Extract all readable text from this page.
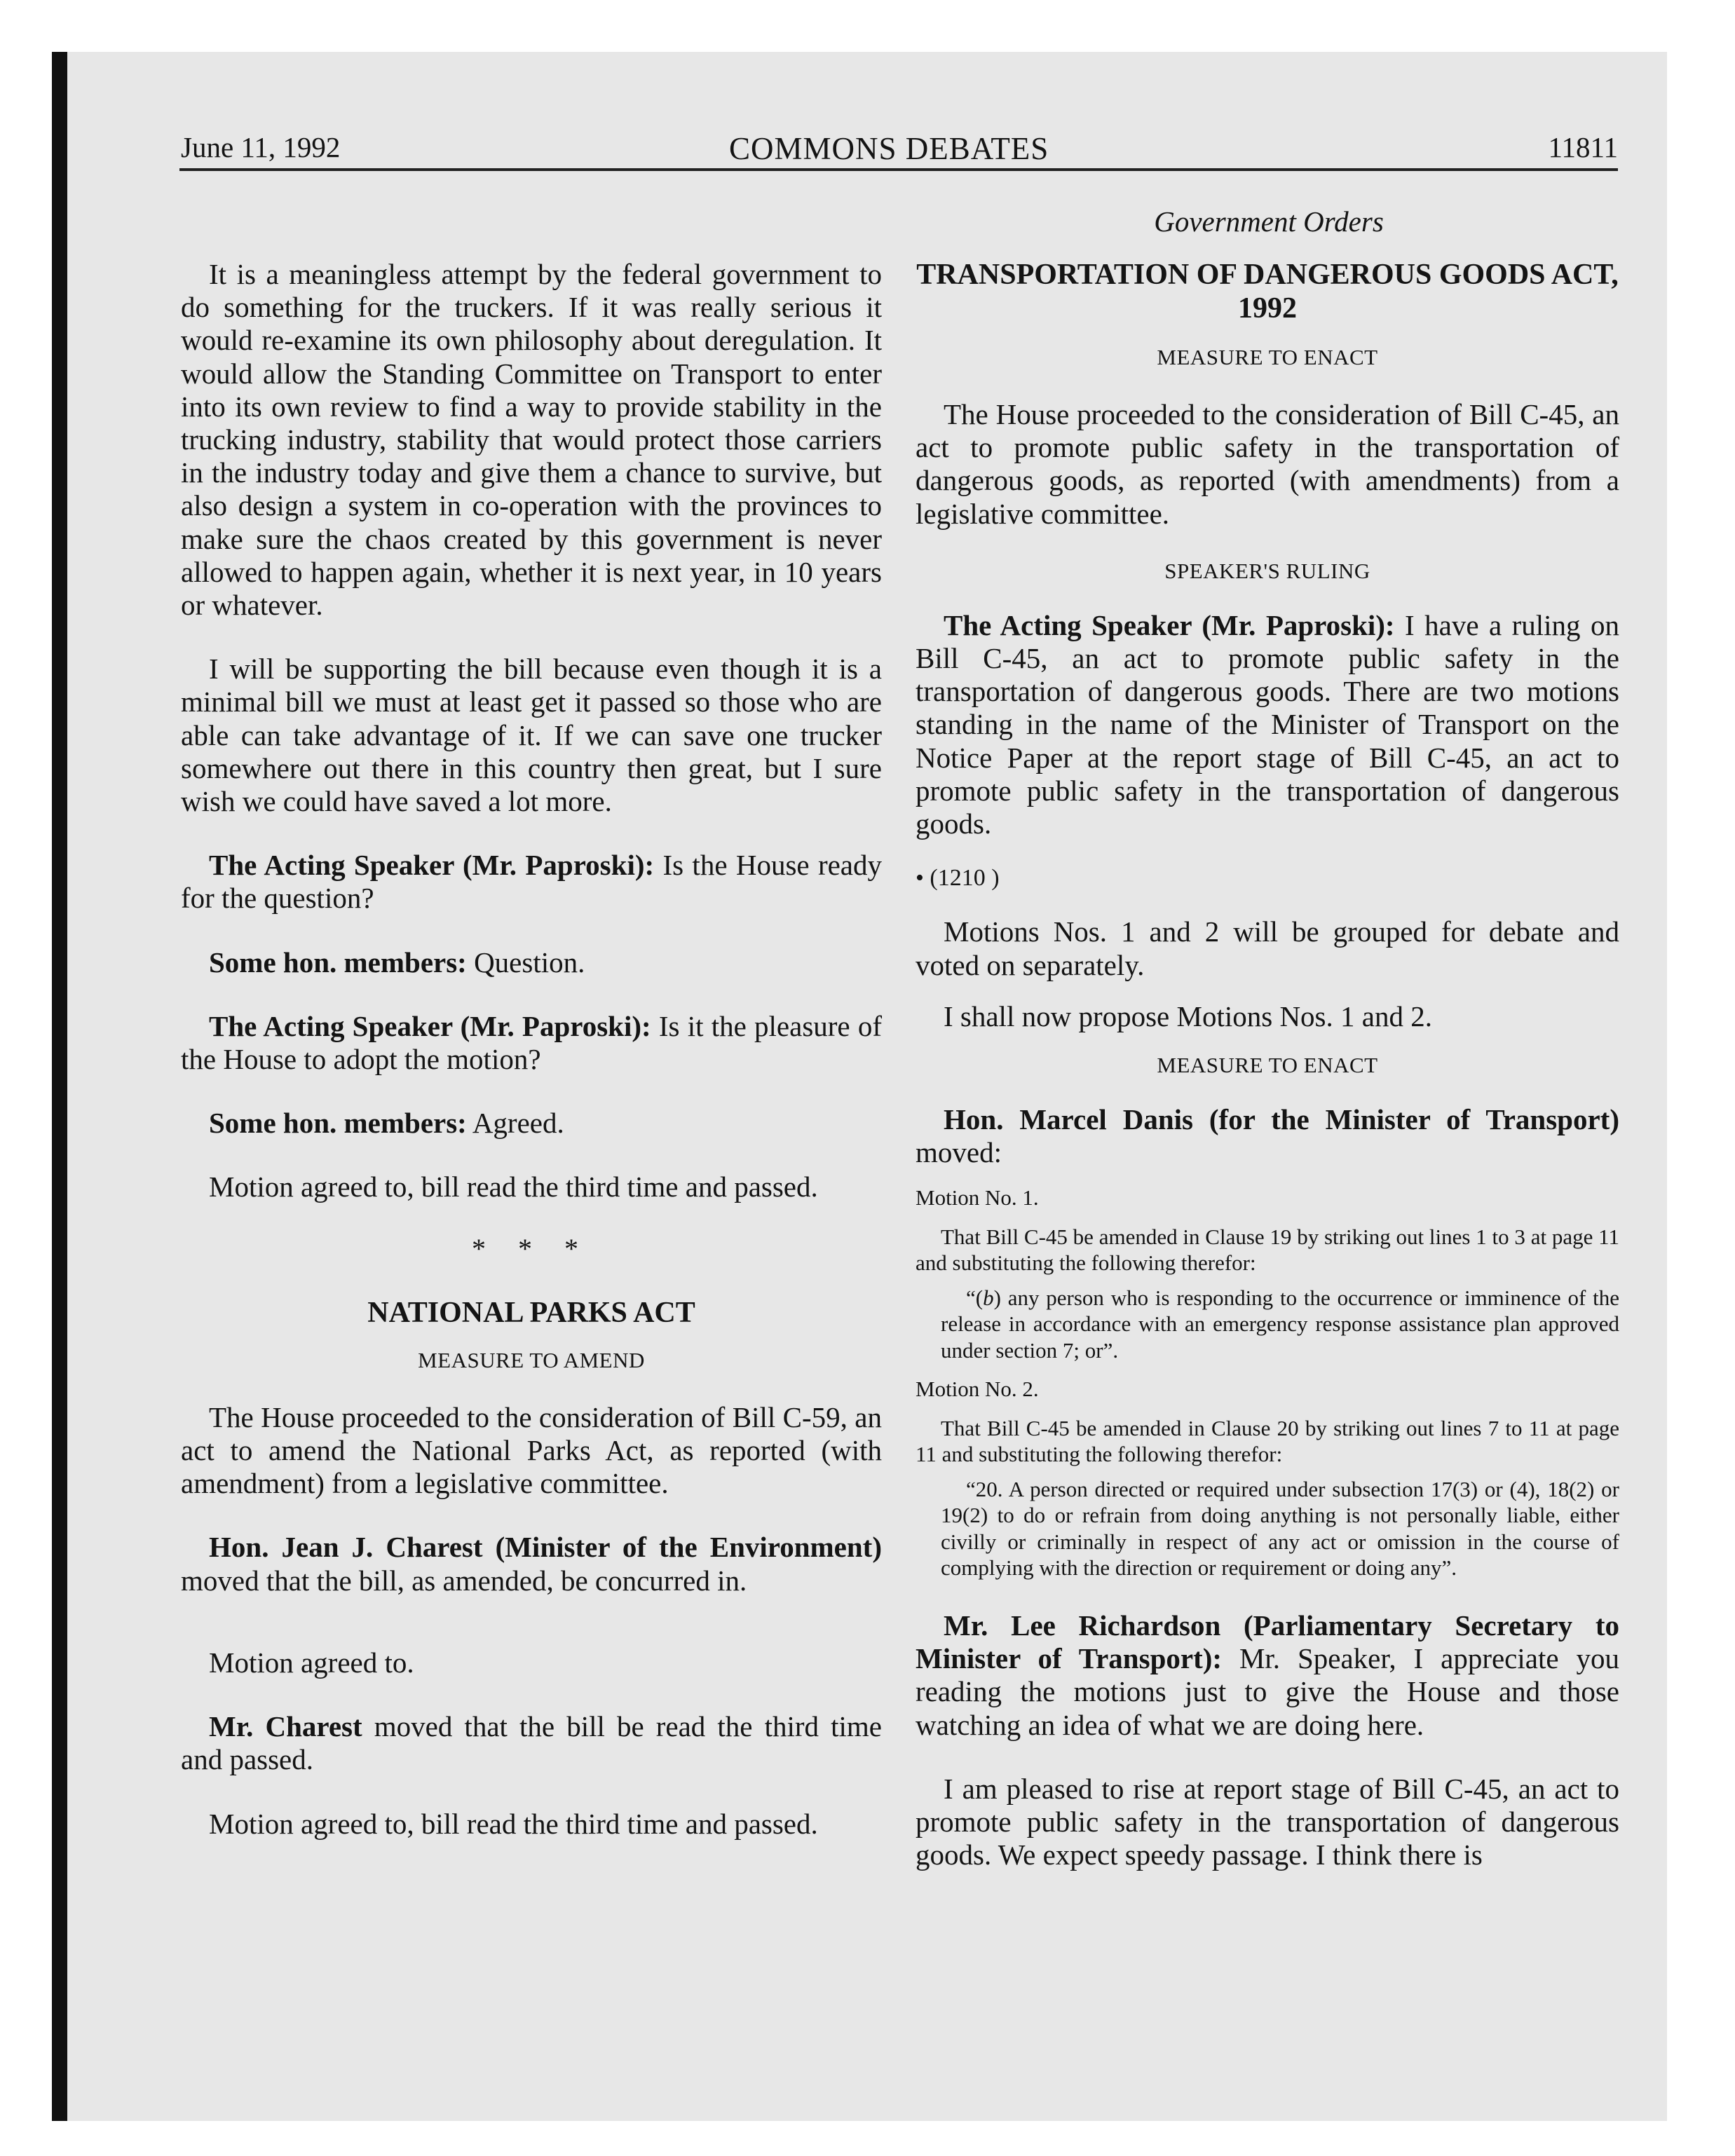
June 11, 1992	COMMONS DEBATES	11811
Government Orders

It is a meaningless attempt by the federal government to do something for the truckers. If it was really serious it would re-examine its own philosophy about deregulation. It would allow the Standing Committee on Transport to enter into its own review to find a way to provide stability in the trucking industry, stability that would protect those carriers in the industry today and give them a chance to survive, but also design a system in co-operation with the provinces to make sure the chaos created by this government is never allowed to happen again, whether it is next year, in 10 years or whatever.

I will be supporting the bill because even though it is a minimal bill we must at least get it passed so those who are able can take advantage of it. If we can save one trucker somewhere out there in this country then great, but I sure wish we could have saved a lot more.

The Acting Speaker (Mr. Paproski): Is the House ready for the question?

Some hon. members: Question.

The Acting Speaker (Mr. Paproski): Is it the pleasure of the House to adopt the motion?

Some hon. members: Agreed.

Motion agreed to, bill read the third time and passed.

* * *

NATIONAL PARKS ACT

MEASURE TO AMEND

The House proceeded to the consideration of Bill C-59, an act to amend the National Parks Act, as reported (with amendment) from a legislative committee.

Hon. Jean J. Charest (Minister of the Environment) moved that the bill, as amended, be concurred in.

Motion agreed to.

Mr. Charest moved that the bill be read the third time and passed.

Motion agreed to, bill read the third time and passed.

TRANSPORTATION OF DANGEROUS GOODS ACT, 1992

MEASURE TO ENACT

The House proceeded to the consideration of Bill C-45, an act to promote public safety in the transportation of dangerous goods, as reported (with amendments) from a legislative committee.

SPEAKER'S RULING

The Acting Speaker (Mr. Paproski): I have a ruling on Bill C-45, an act to promote public safety in the transportation of dangerous goods. There are two motions standing in the name of the Minister of Transport on the Notice Paper at the report stage of Bill C-45, an act to promote public safety in the transportation of dangerous goods.

• (1210 )

Motions Nos. 1 and 2 will be grouped for debate and voted on separately.

I shall now propose Motions Nos. 1 and 2.

MEASURE TO ENACT

Hon. Marcel Danis (for the Minister of Transport) moved:

Motion No. 1.

That Bill C-45 be amended in Clause 19 by striking out lines 1 to 3 at page 11 and substituting the following therefor:

“(b) any person who is responding to the occurrence or imminence of the release in accordance with an emergency response assistance plan approved under section 7; or”.

Motion No. 2.

That Bill C-45 be amended in Clause 20 by striking out lines 7 to 11 at page 11 and substituting the following therefor:

“20. A person directed or required under subsection 17(3) or (4), 18(2) or 19(2) to do or refrain from doing anything is not personally liable, either civilly or criminally in respect of any act or omission in the course of complying with the direction or requirement or doing any”.

Mr. Lee Richardson (Parliamentary Secretary to Minister of Transport): Mr. Speaker, I appreciate you reading the motions just to give the House and those watching an idea of what we are doing here.

I am pleased to rise at report stage of Bill C-45, an act to promote public safety in the transportation of dangerous goods. We expect speedy passage. I think there is
